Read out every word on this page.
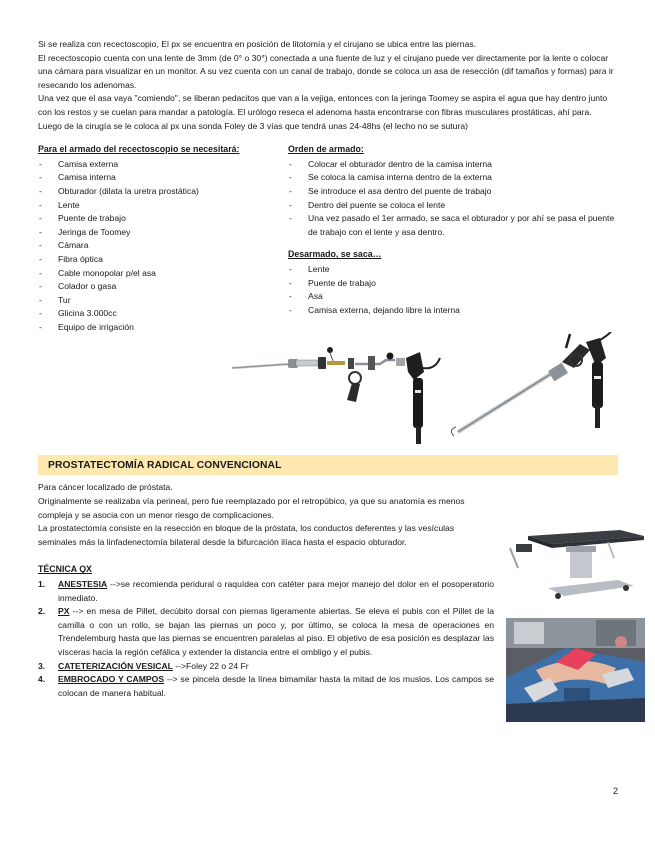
Si se realiza con recectoscopio, El px se encuentra en posición de litotomía y el cirujano se ubica entre las piernas.

El recectoscopio cuenta con una lente de 3mm (de 0° o 30°) conectada a una fuente de luz y el cirujano puede ver directamente por la lente o colocar una cámara para visualizar en un monitor. A su vez cuenta con un canal de trabajo, donde se coloca un asa de resección (dif tamaños y formas) para ir resecando los adenomas.

Una vez que el asa vaya "comiendo", se liberan pedacitos que van a la vejiga, entonces con la jeringa Toomey se aspira el agua que hay dentro junto con los restos y se cuelan para mandar a patología. El urólogo reseca el adenoma hasta encontrarse con fibras musculares prostáticas, ahí para.

Luego de la cirugía se le coloca al px una sonda Foley de 3 vías que tendrá unas 24-48hs (el lecho no se sutura)

Para el armado del recectoscopio se necesitará:
- Camisa externa
- Camisa interna
- Obturador (dilata la uretra prostática)
- Lente
- Puente de trabajo
- Jeringa de Toomey
- Cámara
- Fibra óptica
- Cable monopolar p/el asa
- Colador o gasa
- Tur
- Glicina 3.000cc
- Equipo de irrigación
Orden de armado:
- Colocar el obturador dentro de la camisa interna
- Se coloca la camisa interna dentro de la externa
- Se introduce el asa dentro del puente de trabajo
- Dentro del puente se coloca el lente
- Una vez pasado el 1er armado, se saca el obturador y por ahí se pasa el puente de trabajo con el lente y asa dentro.
Desarmado, se saca…
- Lente
- Puente de trabajo
- Asa
- Camisa externa, dejando libre la interna
PROSTATECTOMÍA RADICAL CONVENCIONAL

Para cáncer localizado de próstata.

Originalmente se realizaba vía perineal, pero fue reemplazado por el retropúbico, ya que su anatomía es menos compleja y se asocia con un menor riesgo de complicaciones.

La prostatectomía consiste en la resección en bloque de la próstata, los conductos deferentes y las vesículas seminales más la linfadenectomía bilateral desde la bifurcación ilíaca hasta el espacio obturador.

TÉCNICA QX
1. ANESTESIA -->se recomienda peridural o raquídea con catéter para mejor manejo del dolor en el posoperatorio inmediato.
2. PX --> en mesa de Pillet, decúbito dorsal con piernas ligeramente abiertas. Se eleva el pubis con el Pillet de la camilla o con un rollo, se bajan las piernas un poco y, por último, se coloca la mesa de operaciones en Trendelemburg hasta que las piernas se encuentren paralelas al piso. El objetivo de esa posición es desplazar las vísceras hacia la región cefálica y extender la distancia entre el ombligo y el pubis.
3. CATETERIZACIÓN VESICAL -->Foley 22 o 24 Fr
4. EMBROCADO Y CAMPOS --> se pincela desde la línea bimamilar hasta la mitad de los muslos. Los campos se colocan de manera habitual.
2
